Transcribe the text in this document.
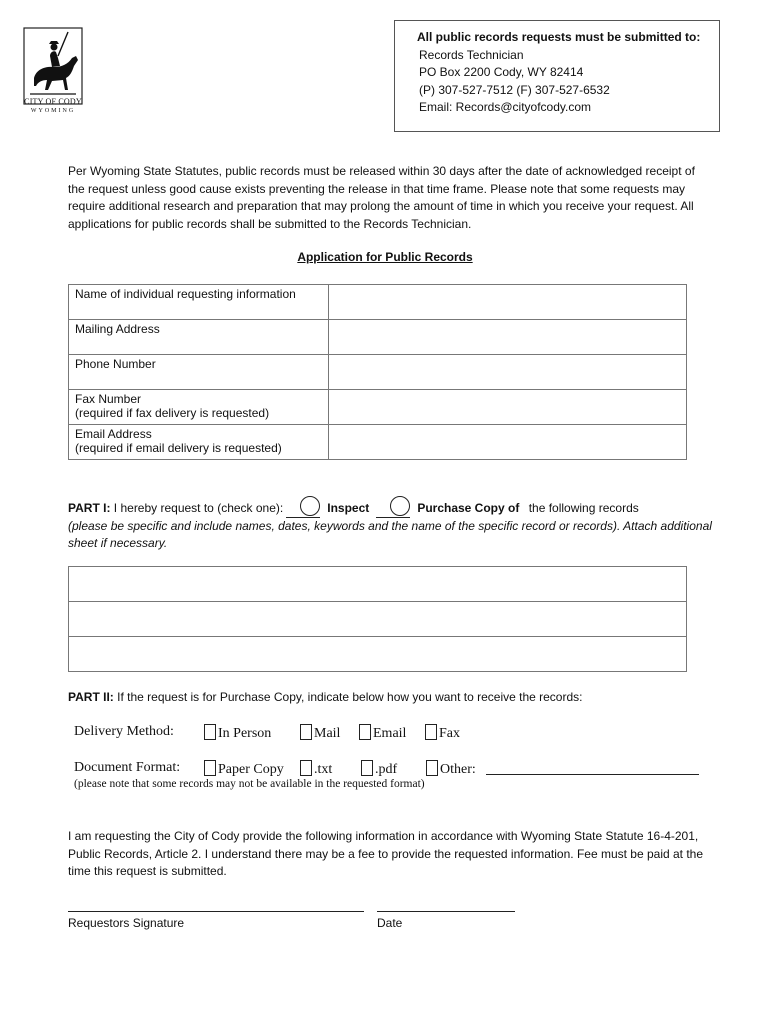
CITY OF CODY
WYOMING
All public records requests must be submitted to:
Records Technician
PO Box 2200 Cody, WY 82414
(P) 307-527-7512 (F) 307-527-6532
Email: Records@cityofcody.com
Per Wyoming State Statutes, public records must be released within 30 days after the date of acknowledged receipt of the request unless good cause exists preventing the release in that time frame. Please note that some requests may require additional research and preparation that may prolong the amount of time in which you receive your request. All applications for public records shall be submitted to the Records Technician.
Application for Public Records
Name of individual requesting information	
Mailing Address	
Phone Number	

Fax Number
(required if fax delivery is requested)	

Email Address
(required if email delivery is requested)	

PART I: I hereby request to (check one):	Inspect	Purchase Copy of the following records
(please be specific and include names, dates, keywords and the name of the specific record or records). Attach additional sheet if necessary.

PART II: If the request is for Purchase Copy, indicate below how you want to receive the records:
Delivery Method:	In Person	Mail	Email	Fax
Document Format:	Paper Copy	.txt	.pdf	Other:
(please note that some records may not be available in the requested format)
I am requesting the City of Cody provide the following information in accordance with Wyoming State Statute 16-4-201, Public Records, Article 2. I understand there may be a fee to provide the requested information. Fee must be paid at the time this request is submitted.
Requestors Signature	Date
